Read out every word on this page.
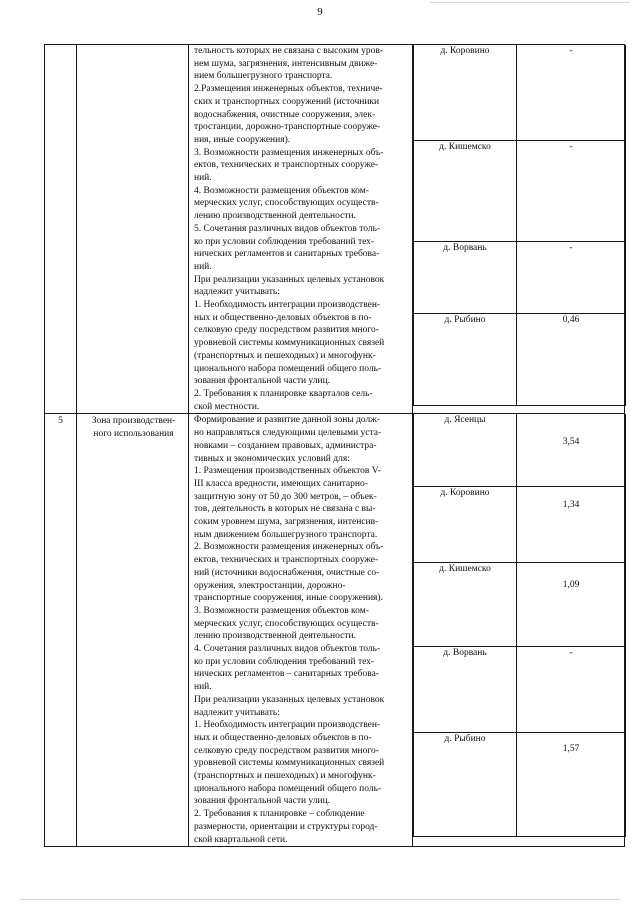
9

тельность которых не связана с высоким уров-
нем шума, загрязнения, интенсивным движе-
нием большегрузного транспорта.
2.Размещения инженерных объектов, техниче-
ских и транспортных сооружений (источники
водоснабжения, очистные сооружения, элек-
тростанции, дорожно-транспортные сооруже-
ния, иные сооружения).
3. Возможности размещения инженерных объ-
ектов, технических и транспортных сооруже-
ний.
4. Возможности размещения объектов ком-
мерческих услуг, способствующих осуществ-
лению производственной деятельности.
5. Сочетания различных видов объектов толь-
ко при условии соблюдения требований тех-
нических регламентов и санитарных требова-
ний.
При реализации указанных целевых установок
надлежит учитывать:
1. Необходимость интеграции производствен-
ных и общественно-деловых объектов в по-
селковую среду посредством развития много-
уровневой системы коммуникационных связей
(транспортных и пешеходных) и многофунк-
ционального набора помещений общего поль-
зования фронтальной части улиц.
2. Требования к планировке кварталов сель-
ской местности.

д. Коровино	-
д. Кишемско	-
д. Ворвань	-
д. Рыбино	0,46

5	Зона производствен-ного использования	
Формирование и развитие данной зоны долж-
но направляться следующими целевыми уста-
новками – созданием правовых, администра-
тивных и экономических условий для:
1. Размещения производственных объектов V-
III класса вредности, имеющих санитарно-
защитную зону от 50 до 300 метров, – объек-
тов, деятельность в которых не связана с вы-
соким уровнем шума, загрязнения, интенсив-
ным движением большегрузного транспорта.
2. Возможности размещения инженерных объ-
ектов, технических и транспортных сооруже-
ний (источники водоснабжения, очистные со-
оружения, электростанции, дорожно-
транспортные сооружения, иные сооружения).
3. Возможности размещения объектов ком-
мерческих услуг, способствующих осуществ-
лению производственной деятельности.
4. Сочетания различных видов объектов толь-
ко при условии соблюдения требований тех-
нических регламентов – санитарных требова-
ний.
При реализации указанных целевых установок
надлежит учитывать:
1. Необходимость интеграции производствен-
ных и общественно-деловых объектов в по-
селковую среду посредством развития много-
уровневой системы коммуникационных связей
(транспортных и пешеходных) и многофунк-
ционального набора помещений общего поль-
зования фронтальной части улиц.
2. Требования к планировке – соблюдение
размерности, ориентации и структуры город-
ской квартальной сети.

д. Ясенцы	3,54
д. Коровино	1,34
д. Кишемско	1,09
д. Ворвань	-
д. Рыбино	1,57
